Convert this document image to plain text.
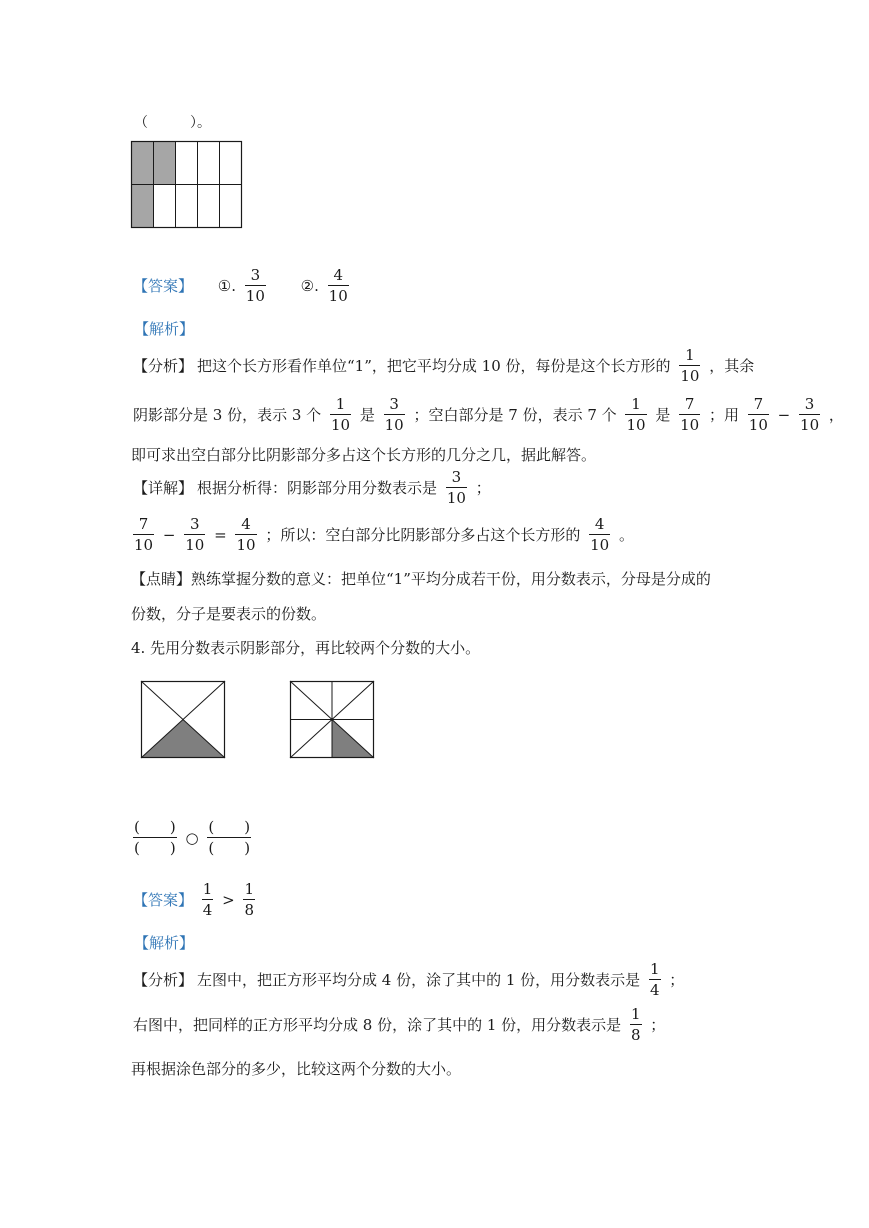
（　　　）。
【答案】 ①. $\frac{3}{10}$ ②. $\frac{4}{10}$
【解析】
【分析】 把这个长方形看作单位“1”，把它平均分成 10 份，每份是这个长方形的 $\frac{1}{10}$ ，其余
阴影部分是 3 份，表示 3 个 $\frac{1}{10}$ 是 $\frac{3}{10}$ ；空白部分是 7 份，表示 7 个 $\frac{1}{10}$ 是 $\frac{7}{10}$ ；用 $\frac{7}{10} - \frac{3}{10}$ ，
即可求出空白部分比阴影部分多占这个长方形的几分之几，据此解答。
【详解】 根据分析得：阴影部分用分数表示是 $\frac{3}{10}$ ；
$\frac{7}{10} - \frac{3}{10} = \frac{4}{10}$ ；所以：空白部分比阴影部分多占这个长方形的 $\frac{4}{10}$ 。
【点睛】熟练掌握分数的意义：把单位“1”平均分成若干份，用分数表示，分母是分成的
份数，分子是要表示的份数。
4. 先用分数表示阴影部分，再比较两个分数的大小。
$\frac{( )}{( )}$ ○ $\frac{( )}{( )}$
【答案】 $\frac{1}{4} > \frac{1}{8}$
【解析】
【分析】 左图中，把正方形平均分成 4 份，涂了其中的 1 份，用分数表示是 $\frac{1}{4}$ ；
右图中，把同样的正方形平均分成 8 份，涂了其中的 1 份，用分数表示是 $\frac{1}{8}$ ；
再根据涂色部分的多少，比较这两个分数的大小。
